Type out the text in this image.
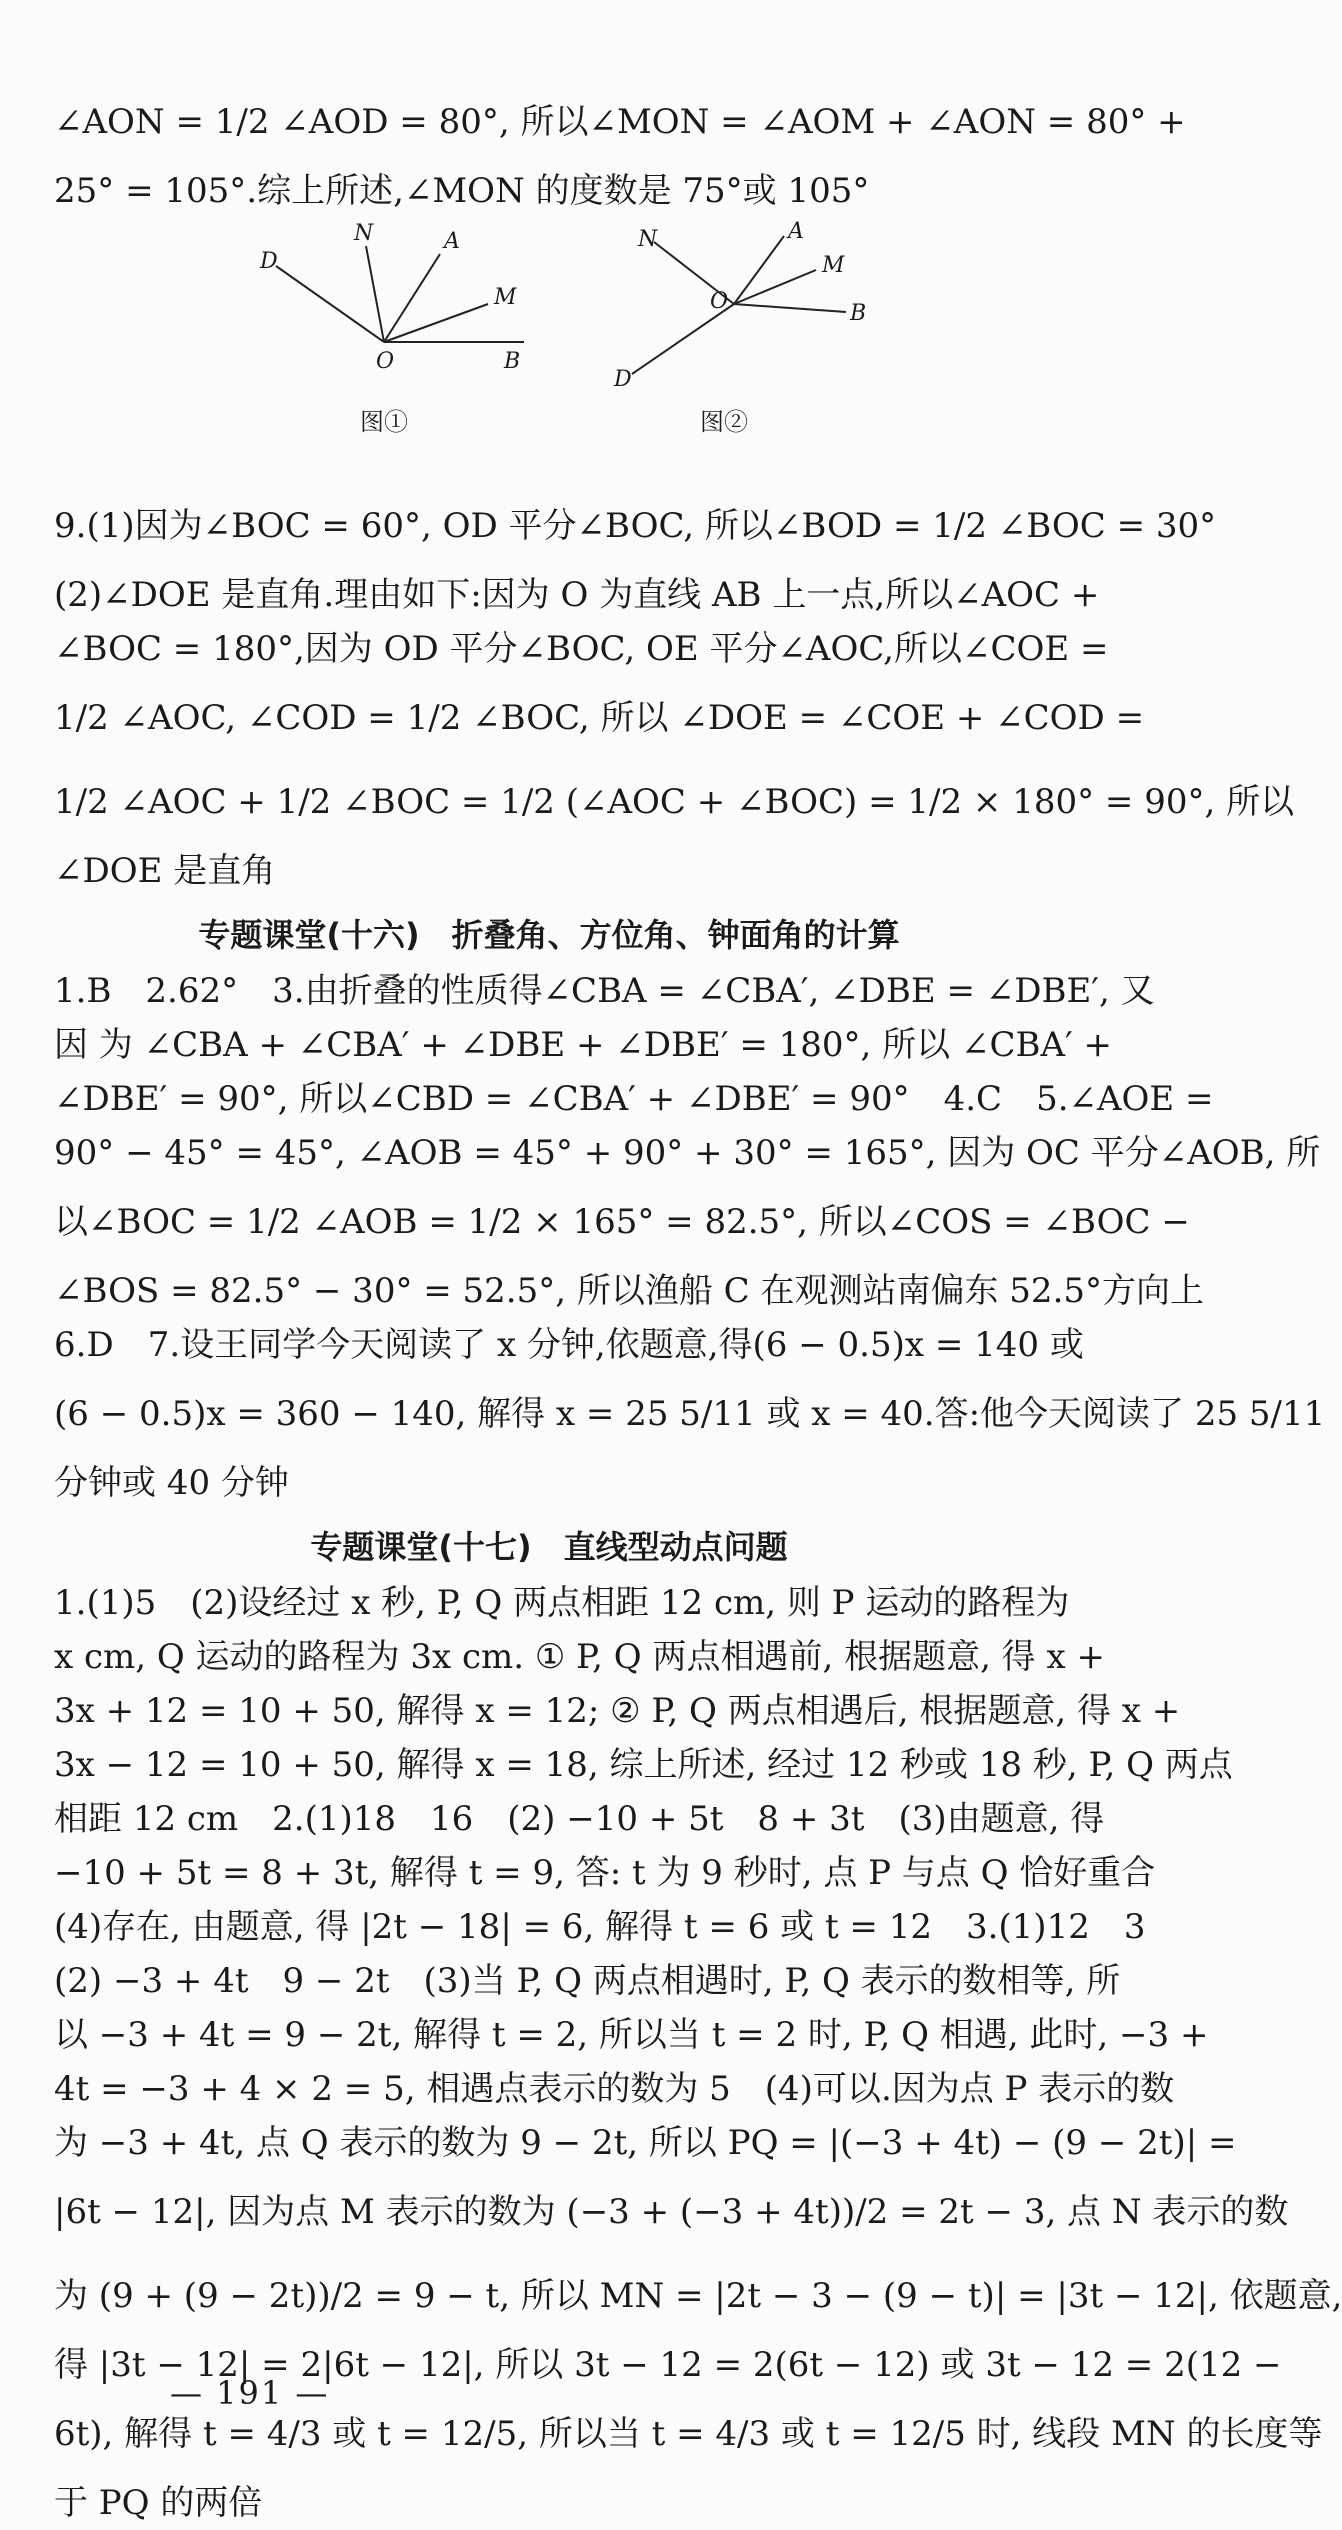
∠AON = 1/2 ∠AOD = 80°, 所以∠MON = ∠AOM + ∠AON = 80° +

25° = 105°.综上所述,∠MON 的度数是 75°或 105°

D
N	A
M
O	B
图①
N	A
M
O	B
D
图②

9.(1)因为∠BOC = 60°, OD 平分∠BOC, 所以∠BOD = 1/2 ∠BOC = 30°

(2)∠DOE 是直角.理由如下:因为 O 为直线 AB 上一点,所以∠AOC +

∠BOC = 180°,因为 OD 平分∠BOC, OE 平分∠AOC,所以∠COE =

1/2 ∠AOC, ∠COD = 1/2 ∠BOC, 所以 ∠DOE = ∠COE + ∠COD =

1/2 ∠AOC + 1/2 ∠BOC = 1/2 (∠AOC + ∠BOC) = 1/2 × 180° = 90°, 所以

∠DOE 是直角

专题课堂(十六)　折叠角、方位角、钟面角的计算

1.B　2.62°　3.由折叠的性质得∠CBA = ∠CBA′, ∠DBE = ∠DBE′, 又

因 为 ∠CBA + ∠CBA′ + ∠DBE + ∠DBE′ = 180°, 所以 ∠CBA′ +

∠DBE′ = 90°, 所以∠CBD = ∠CBA′ + ∠DBE′ = 90°　4.C　5.∠AOE =

90° − 45° = 45°, ∠AOB = 45° + 90° + 30° = 165°, 因为 OC 平分∠AOB, 所

以∠BOC = 1/2 ∠AOB = 1/2 × 165° = 82.5°, 所以∠COS = ∠BOC −

∠BOS = 82.5° − 30° = 52.5°, 所以渔船 C 在观测站南偏东 52.5°方向上

6.D　7.设王同学今天阅读了 x 分钟,依题意,得(6 − 0.5)x = 140 或

(6 − 0.5)x = 360 − 140, 解得 x = 25 5/11 或 x = 40.答:他今天阅读了 25 5/11

分钟或 40 分钟

专题课堂(十七)　直线型动点问题

1.(1)5　(2)设经过 x 秒, P, Q 两点相距 12 cm, 则 P 运动的路程为

x cm, Q 运动的路程为 3x cm. ① P, Q 两点相遇前, 根据题意, 得 x +

3x + 12 = 10 + 50, 解得 x = 12; ② P, Q 两点相遇后, 根据题意, 得 x +

3x − 12 = 10 + 50, 解得 x = 18, 综上所述, 经过 12 秒或 18 秒, P, Q 两点

相距 12 cm　2.(1)18　16　(2) −10 + 5t　8 + 3t　(3)由题意, 得

−10 + 5t = 8 + 3t, 解得 t = 9, 答: t 为 9 秒时, 点 P 与点 Q 恰好重合

(4)存在, 由题意, 得 |2t − 18| = 6, 解得 t = 6 或 t = 12　3.(1)12　3

(2) −3 + 4t　9 − 2t　(3)当 P, Q 两点相遇时, P, Q 表示的数相等, 所

以 −3 + 4t = 9 − 2t, 解得 t = 2, 所以当 t = 2 时, P, Q 相遇, 此时, −3 +

4t = −3 + 4 × 2 = 5, 相遇点表示的数为 5　(4)可以.因为点 P 表示的数

为 −3 + 4t, 点 Q 表示的数为 9 − 2t, 所以 PQ = |(−3 + 4t) − (9 − 2t)| =

|6t − 12|, 因为点 M 表示的数为 (−3 + (−3 + 4t))/2 = 2t − 3, 点 N 表示的数

为 (9 + (9 − 2t))/2 = 9 − t, 所以 MN = |2t − 3 − (9 − t)| = |3t − 12|, 依题意,

得 |3t − 12| = 2|6t − 12|, 所以 3t − 12 = 2(6t − 12) 或 3t − 12 = 2(12 −

6t), 解得 t = 4/3 或 t = 12/5, 所以当 t = 4/3 或 t = 12/5 时, 线段 MN 的长度等

于 PQ 的两倍

— 191 —
